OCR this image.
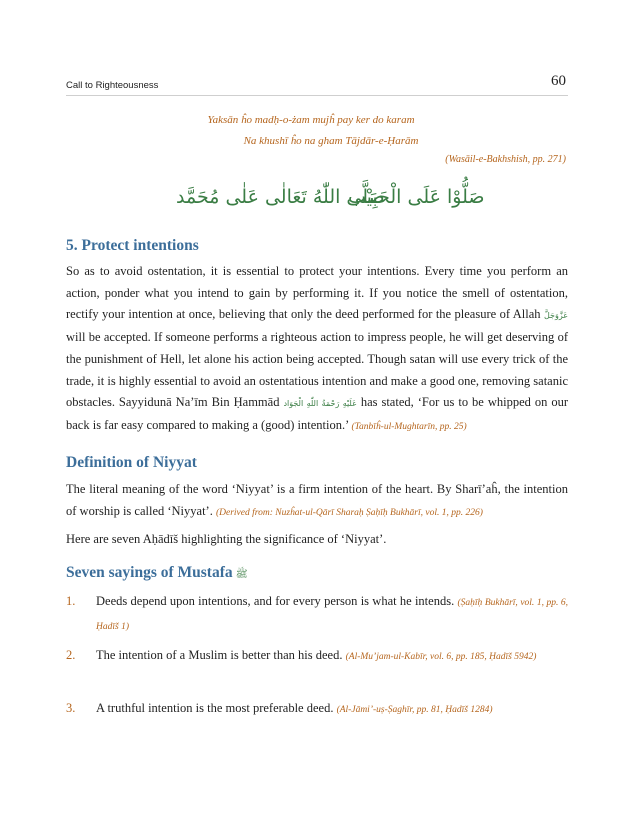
Call to Righteousness	60
Yaksān ĥo madḥ-o-żam mujĥ pay ker do karam
Na khushī ĥo na gham Tājdār-e-Ḥarām
(Wasāil-e-Bakhshish, pp. 271)
صَلُّوْا عَلَى الْحَبِيْب
صَلَّى اللّٰهُ تَعَالٰى عَلٰى مُحَمَّد
5. Protect intentions
So as to avoid ostentation, it is essential to protect your intentions. Every time you perform an action, ponder what you intend to gain by performing it. If you notice the smell of ostentation, rectify your intention at once, believing that only the deed performed for the pleasure of Allah عَزَّوَجَلَّ will be accepted. If someone performs a righteous action to impress people, he will get deserving of the punishment of Hell, let alone his action being accepted. Though satan will use every trick of the trade, it is highly essential to avoid an ostentatious intention and make a good one, removing satanic obstacles. Sayyidunā Na’īm Bin Ḥammād عَلَيْهِ رَحْمَةُ اللّٰهِ الْجَوَاد has stated, ‘For us to be whipped on our back is far easy compared to making a (good) intention.’ (Tanbīĥ-ul-Mughtarīn, pp. 25)
Definition of Niyyat
The literal meaning of the word ‘Niyyat’ is a firm intention of the heart. By Sharī’aĥ, the intention of worship is called ‘Niyyat’. (Derived from: Nuzĥat-ul-Qārī Sharaḥ Ṣaḥīḥ Bukhārī, vol. 1, pp. 226)
Here are seven Aḥādīš highlighting the significance of ‘Niyyat’.
Seven sayings of Mustafa ﷺ
1. Deeds depend upon intentions, and for every person is what he intends. (Ṣaḥīḥ Bukhārī, vol. 1, pp. 6, Ḥadīš 1)
2. The intention of a Muslim is better than his deed. (Al-Mu’jam-ul-Kabīr, vol. 6, pp. 185, Ḥadīš 5942)
3. A truthful intention is the most preferable deed. (Al-Jāmi’-uṣ-Ṣaghīr, pp. 81, Ḥadīš 1284)
